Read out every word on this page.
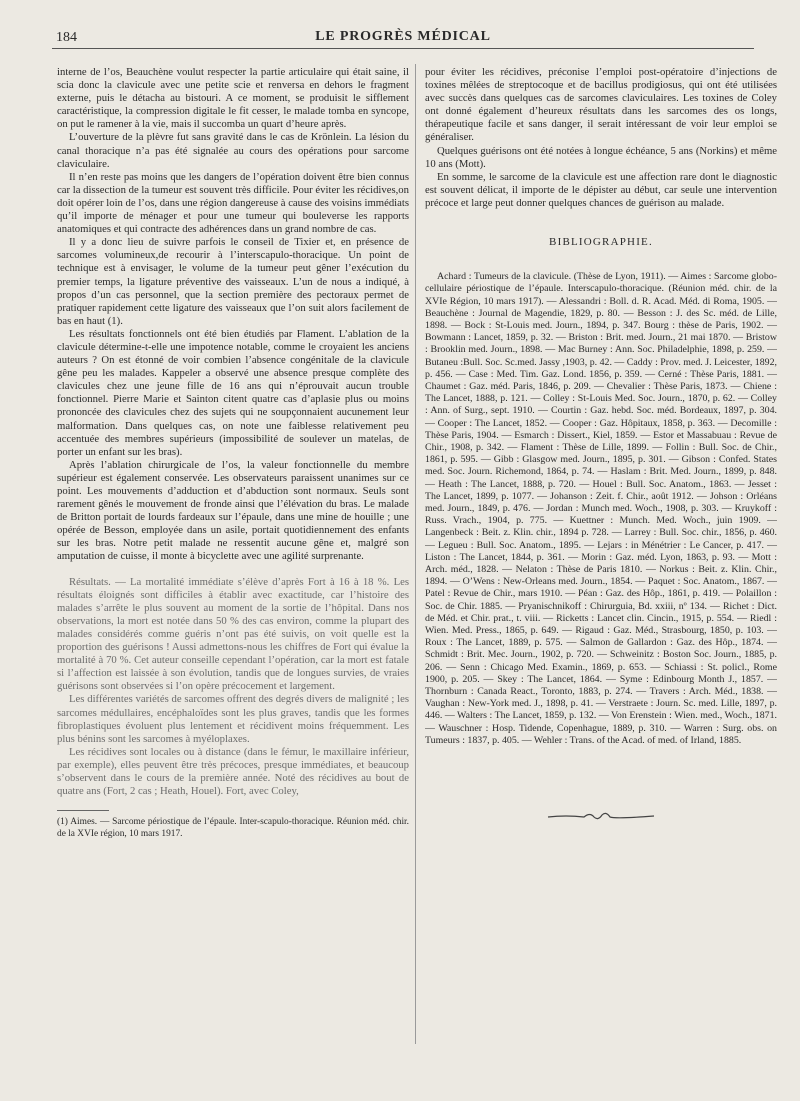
184	LE PROGRÈS MÉDICAL

interne de l’os, Beauchène voulut respecter la partie articulaire qui était saine, il scia donc la clavicule avec une petite scie et renversa en dehors le fragment externe, puis le détacha au bistouri. A ce moment, se produisit le sifflement caractéristique, la compression digitale le fit cesser, le malade tomba en syncope, on put le ramener à la vie, mais il succomba un quart d’heure après.

L’ouverture de la plèvre fut sans gravité dans le cas de Krönlein. La lésion du canal thoracique n’a pas été signalée au cours des opérations pour sarcome claviculaire.

Il n’en reste pas moins que les dangers de l’opération doivent être bien connus car la dissection de la tumeur est souvent très difficile. Pour éviter les récidives,on doit opérer loin de l’os, dans une région dangereuse à cause des voisins immédiats qu’il importe de ménager et pour une tumeur qui bouleverse les rapports anatomiques et qui contracte des adhérences dans un grand nombre de cas.

Il y a donc lieu de suivre parfois le conseil de Tixier et, en présence de sarcomes volumineux,de recourir à l’interscapulo-thoracique. Un point de technique est à envisager, le volume de la tumeur peut gêner l’exécution du premier temps, la ligature préventive des vaisseaux. L’un de nous a indiqué, à propos d’un cas personnel, que la section première des pectoraux permet de pratiquer rapidement cette ligature des vaisseaux que l’on suit alors facilement de bas en haut (1).

Les résultats fonctionnels ont été bien étudiés par Flament. L’ablation de la clavicule détermine-t-elle une impotence notable, comme le croyaient les anciens auteurs ? On est étonné de voir combien l’absence congénitale de la clavicule gêne peu les malades. Kappeler a observé une absence presque complète des clavicules chez une jeune fille de 16 ans qui n’éprouvait aucun trouble fonctionnel. Pierre Marie et Sainton citent quatre cas d’aplasie plus ou moins prononcée des clavicules chez des sujets qui ne soupçonnaient aucunement leur malformation. Dans quelques cas, on note une faiblesse relativement peu accentuée des membres supérieurs (impossibilité de soulever un matelas, de porter un enfant sur les bras).

Après l’ablation chirurgicale de l’os, la valeur fonctionnelle du membre supérieur est également conservée. Les observateurs paraissent unanimes sur ce point. Les mouvements d’adduction et d’abduction sont normaux. Seuls sont rarement gênés le mouvement de fronde ainsi que l’élévation du bras. Le malade de Britton portait de lourds fardeaux sur l’épaule, dans une mine de houille ; une opérée de Besson, employée dans un asile, portait quotidiennement des enfants sur les bras. Notre petit malade ne ressentit aucune gêne et, malgré son amputation de cuisse, il monte à bicyclette avec une agilité surprenante.

Résultats. — La mortalité immédiate s’élève d’après Fort à 16 à 18 %. Les résultats éloignés sont difficiles à établir avec exactitude, car l’histoire des malades s’arrête le plus souvent au moment de la sortie de l’hôpital. Dans nos observations, la mort est notée dans 50 % des cas environ, comme la plupart des malades considérés comme guéris n’ont pas été suivis, on voit quelle est la proportion des guérisons ! Aussi admettons-nous les chiffres de Fort qui évalue la mortalité à 70 %. Cet auteur conseille cependant l’opération, car la mort est fatale si l’affection est laissée à son évolution, tandis que de longues survies, de vraies guérisons sont observées si l’on opère précocement et largement.

Les différentes variétés de sarcomes offrent des degrés divers de malignité ; les sarcomes médullaires, encéphaloïdes sont les plus graves, tandis que les formes fibroplastiques évoluent plus lentement et récidivent moins fréquemment. Les plus bénins sont les sarcomes à myéloplaxes.

Les récidives sont locales ou à distance (dans le fémur, le maxillaire inférieur, par exemple), elles peuvent être très précoces, presque immédiates, et beaucoup s’observent dans le cours de la première année. Noté des récidives au bout de quatre ans (Fort, 2 cas ; Heath, Houel). Fort, avec Coley,

(1) Aimes. — Sarcome périostique de l’épaule. Inter-scapulo-thoracique. Réunion méd. chir. de la XVIe région, 10 mars 1917.

pour éviter les récidives, préconise l’emploi post-opératoire d’injections de toxines mêlées de streptocoque et de bacillus prodigiosus, qui ont été utilisées avec succès dans quelques cas de sarcomes claviculaires. Les toxines de Coley ont donné également d’heureux résultats dans les sarcomes des os longs, thérapeutique facile et sans danger, il serait intéressant de voir leur emploi se généraliser.

Quelques guérisons ont été notées à longue échéance, 5 ans (Norkins) et même 10 ans (Mott).

En somme, le sarcome de la clavicule est une affection rare dont le diagnostic est souvent délicat, il importe de le dépister au début, car seule une intervention précoce et large peut donner quelques chances de guérison au malade.

BIBLIOGRAPHIE.

Achard : Tumeurs de la clavicule. (Thèse de Lyon, 1911). — Aimes : Sarcome globo-cellulaire périostique de l’épaule. Interscapulo-thoracique. (Réunion méd. chir. de la XVIe Région, 10 mars 1917). — Alessandri : Boll. d. R. Acad. Méd. di Roma, 1905. — Beauchène : Journal de Magendie, 1829, p. 80. — Besson : J. des Sc. méd. de Lille, 1898. — Bock : St-Louis med. Journ., 1894, p. 347. Bourg : thèse de Paris, 1902. — Bowmann : Lancet, 1859, p. 32. — Briston : Brit. med. Journ., 21 mai 1870. — Bristow : Brooklin med. Journ., 1898. — Mac Burney : Ann. Soc. Philadelphie, 1898, p. 259. — Butaneu :Bull. Soc. Sc.med. Jassy ,1903, p. 42. — Caddy : Prov. med. J. Leicester, 1892, p. 456. — Case : Med. Tim. Gaz. Lond. 1856, p. 359. — Cerné : Thèse Paris, 1881. — Chaumet : Gaz. méd. Paris, 1846, p. 209. — Chevalier : Thèse Paris, 1873. — Chiene : The Lancet, 1888, p. 121. — Colley : St-Louis Med. Soc. Journ., 1870, p. 62. — Colley : Ann. of Surg., sept. 1910. — Courtin : Gaz. hebd. Soc. méd. Bordeaux, 1897, p. 304. — Cooper : The Lancet, 1852. — Cooper : Gaz. Hôpitaux, 1858, p. 363. — Decomille : Thèse Paris, 1904. — Esmarch : Dissert., Kiel, 1859. — Estor et Massabuau : Revue de Chir., 1908, p. 342. — Flament : Thèse de Lille, 1899. — Follin : Bull. Soc. de Chir., 1861, p. 595. — Gibb : Glasgow med. Journ., 1895, p. 301. — Gibson : Confed. States med. Soc. Journ. Richemond, 1864, p. 74. — Haslam : Brit. Med. Journ., 1899, p. 848. — Heath : The Lancet, 1888, p. 720. — Houel : Bull. Soc. Anatom., 1863. — Jesset : The Lancet, 1899, p. 1077. — Johanson : Zeit. f. Chir., août 1912. — Johson : Orléans med. Journ., 1849, p. 476. — Jordan : Munch med. Woch., 1908, p. 303. — Kruykoff : Russ. Vrach., 1904, p. 775. — Kuettner : Munch. Med. Woch., juin 1909. — Langenbeck : Beit. z. Klin. chir., 1894 p. 728. — Larrey : Bull. Soc. chir., 1856, p. 460. — Legueu : Bull. Soc. Anatom., 1895. — Lejars : in Ménétrier : Le Cancer, p. 417. — Liston : The Lancet, 1844, p. 361. — Morin : Gaz. méd. Lyon, 1863, p. 93. — Mott : Arch. méd., 1828. — Nelaton : Thèse de Paris 1810. — Norkus : Beit. z. Klin. Chir., 1894. — O’Wens : New-Orleans med. Journ., 1854. — Paquet : Soc. Anatom., 1867. — Patel : Revue de Chir., mars 1910. — Péan : Gaz. des Hôp., 1861, p. 419. — Polaillon : Soc. de Chir. 1885. — Pryanischnikoff : Chirurguia, Bd. xxiii, nº 134. — Richet : Dict. de Méd. et Chir. prat., t. viii. — Ricketts : Lancet clin. Cincin., 1915, p. 554. — Riedl : Wien. Med. Press., 1865, p. 649. — Rigaud : Gaz. Méd., Strasbourg, 1850, p. 103. — Roux : The Lancet, 1889, p. 575. — Salmon de Gallardon : Gaz. des Hôp., 1874. — Schmidt : Brit. Mec. Journ., 1902, p. 720. — Schweinitz : Boston Soc. Journ., 1885, p. 206. — Senn : Chicago Med. Examin., 1869, p. 653. — Schiassi : St. policl., Rome 1900, p. 205. — Skey : The Lancet, 1864. — Syme : Edinbourg Month J., 1857. — Thornburn : Canada React., Toronto, 1883, p. 274. — Travers : Arch. Méd., 1838. — Vaughan : New-York med. J., 1898, p. 41. — Verstraete : Journ. Sc. med. Lille, 1897, p. 446. — Walters : The Lancet, 1859, p. 132. — Von Erenstein : Wien. med., Woch., 1871. — Wauschner : Hosp. Tidende, Copenhague, 1889, p. 310. — Warren : Surg. obs. on Tumeurs : 1837, p. 405. — Wehler : Trans. of the Acad. of med. of Irland, 1885.
